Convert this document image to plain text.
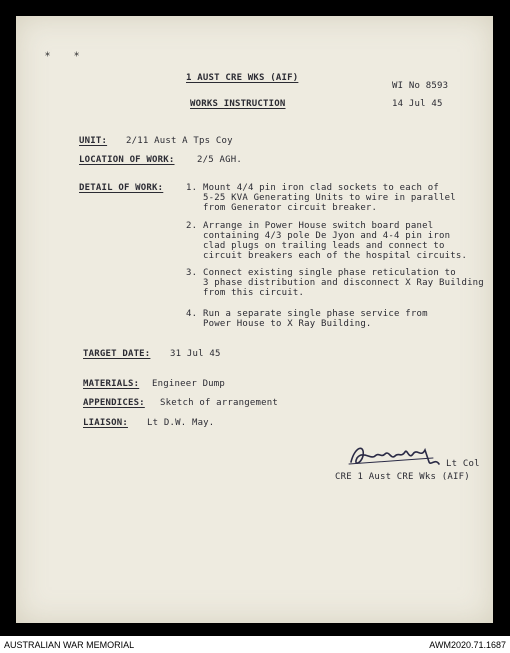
⁎    ⁎
1 AUST CRE WKS (AIF)
WI No 8593
WORKS INSTRUCTION	14 Jul 45
UNIT: 2/11 Aust A Tps Coy
LOCATION OF WORK: 2/5 AGH.
DETAIL OF WORK:	1. Mount 4/4 pin iron clad sockets to each of
5-25 KVA Generating Units to wire in parallel
from Generator circuit breaker.
2. Arrange in Power House switch board panel
containing 4/3 pole De Jyon and 4-4 pin iron
clad plugs on trailing leads and connect to
circuit breakers each of the hospital circuits.
3. Connect existing single phase reticulation to
3 phase distribution and disconnect X Ray Building
from this circuit.
4. Run a separate single phase service from
Power House to X Ray Building.
TARGET DATE: 31 Jul 45
MATERIALS: Engineer Dump
APPENDICES: Sketch of arrangement
LIAISON: Lt D.W. May.
Lt Col
CRE 1 Aust CRE Wks (AIF)
AUSTRALIAN WAR MEMORIAL	AWM2020.71.1687
